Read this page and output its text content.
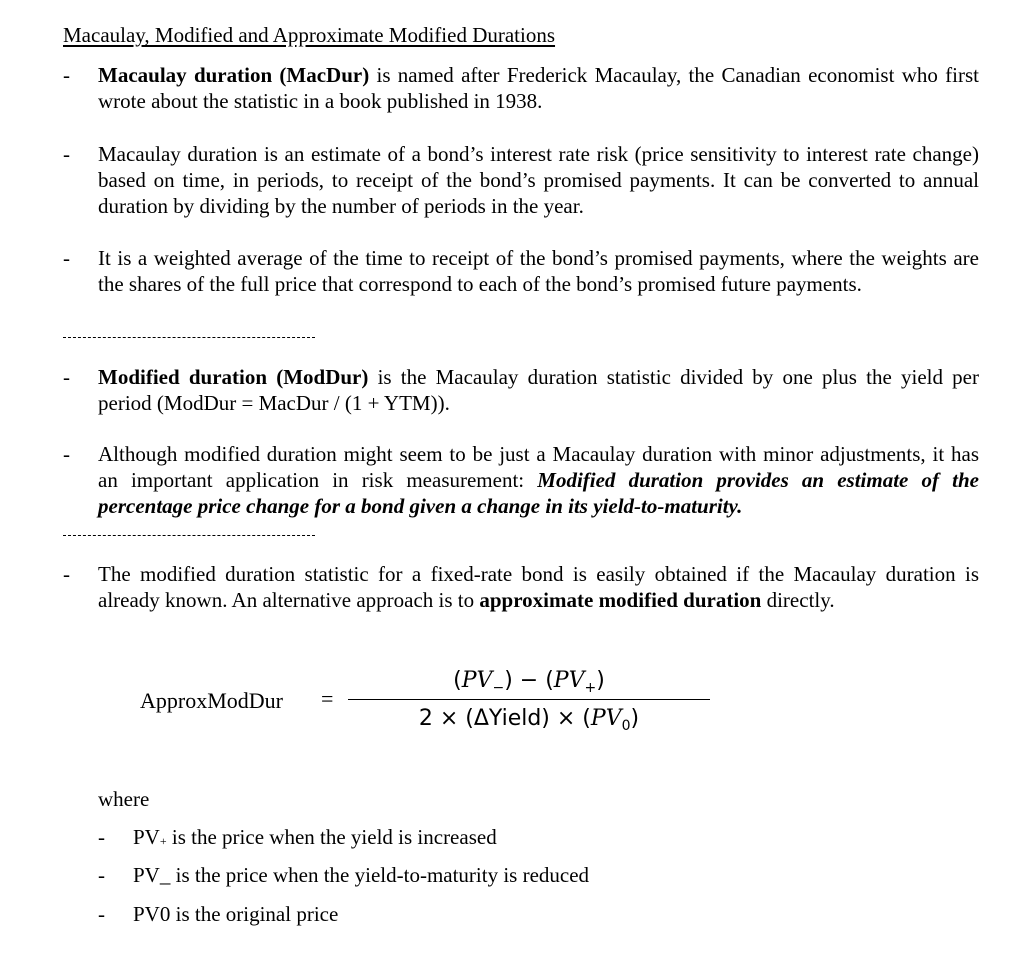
Macaulay, Modified and Approximate Modified Durations
- Macaulay duration (MacDur) is named after Frederick Macaulay, the Canadian economist who first wrote about the statistic in a book published in 1938.
- Macaulay duration is an estimate of a bond’s interest rate risk (price sensitivity to interest rate change) based on time, in periods, to receipt of the bond’s promised payments. It can be converted to annual duration by dividing by the number of periods in the year.
- It is a weighted average of the time to receipt of the bond’s promised payments, where the weights are the shares of the full price that correspond to each of the bond’s promised future payments.
- Modified duration (ModDur) is the Macaulay duration statistic divided by one plus the yield per period (ModDur = MacDur / (1 + YTM)).
- Although modified duration might seem to be just a Macaulay duration with minor adjustments, it has an important application in risk measurement: Modified duration provides an estimate of the percentage price change for a bond given a change in its yield-to-maturity.
- The modified duration statistic for a fixed-rate bond is easily obtained if the Macaulay duration is already known. An alternative approach is to approximate modified duration directly.
ApproxModDur =
$(PV_-) - (PV_+)$
2 × (ΔYield) × $(PV_0)$
where
- PV+ is the price when the yield is increased
- PV_ is the price when the yield-to-maturity is reduced
- PV0 is the original price
